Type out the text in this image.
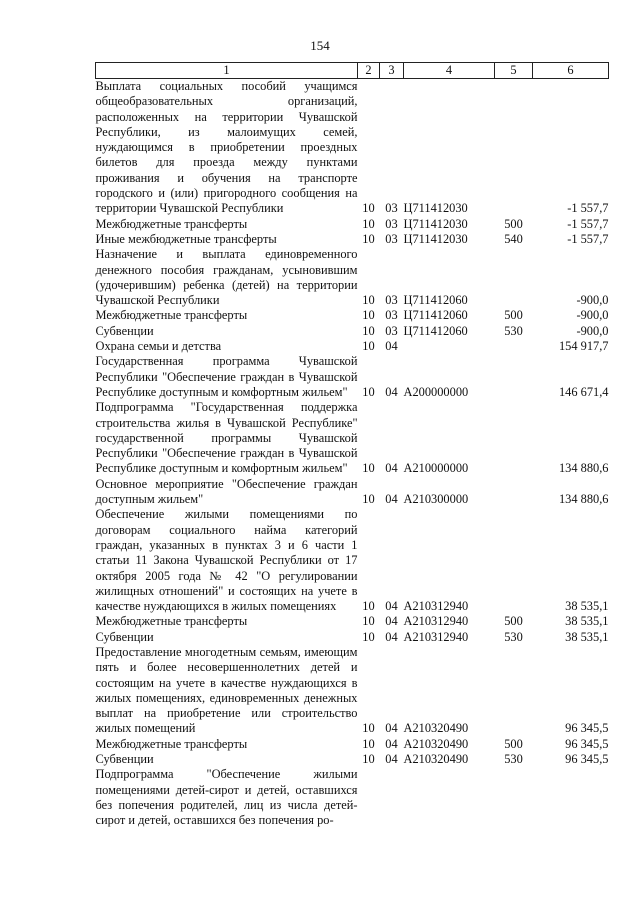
154
1	2	3	4	5	6
Выплата социальных пособий учащимся общеобразовательных организаций, расположенных на территории Чувашской Республики, из малоимущих семей, нуждающимся в приобретении проездных билетов для проезда между пунктами проживания и обучения на транспорте городского и (или) пригородного сообщения на территории Чувашской Республики	10	03	Ц711412030		-1 557,7
Межбюджетные трансферты	10	03	Ц711412030	500	-1 557,7
Иные межбюджетные трансферты	10	03	Ц711412030	540	-1 557,7
Назначение и выплата единовременного денежного пособия гражданам, усыновившим (удочерившим) ребенка (детей) на территории Чувашской Республики	10	03	Ц711412060		-900,0
Межбюджетные трансферты	10	03	Ц711412060	500	-900,0
Субвенции	10	03	Ц711412060	530	-900,0
Охрана семьи и детства	10	04			154 917,7
Государственная программа Чувашской Республики "Обеспечение граждан в Чувашской Республике доступным и комфортным жильем"	10	04	A200000000		146 671,4
Подпрограмма "Государственная поддержка строительства жилья в Чувашской Республике" государственной программы Чувашской Республики "Обеспечение граждан в Чувашской Республике доступным и комфортным жильем"	10	04	A210000000		134 880,6
Основное мероприятие "Обеспечение граждан доступным жильем"	10	04	A210300000		134 880,6
Обеспечение жилыми помещениями по договорам социального найма категорий граждан, указанных в пунктах 3 и 6 части 1 статьи 11 Закона Чувашской Республики от 17 октября 2005 года № 42 "О регулировании жилищных отношений" и состоящих на учете в качестве нуждающихся в жилых помещениях	10	04	A210312940		38 535,1
Межбюджетные трансферты	10	04	A210312940	500	38 535,1
Субвенции	10	04	A210312940	530	38 535,1
Предоставление многодетным семьям, имеющим пять и более несовершеннолетних детей и состоящим на учете в качестве нуждающихся в жилых помещениях, единовременных денежных выплат на приобретение или строительство жилых помещений	10	04	A210320490		96 345,5
Межбюджетные трансферты	10	04	A210320490	500	96 345,5
Субвенции	10	04	A210320490	530	96 345,5
Подпрограмма "Обеспечение жилыми помещениями детей-сирот и детей, оставшихся без попечения родителей, лиц из числа детей-сирот и детей, оставшихся без попечения ро-					
